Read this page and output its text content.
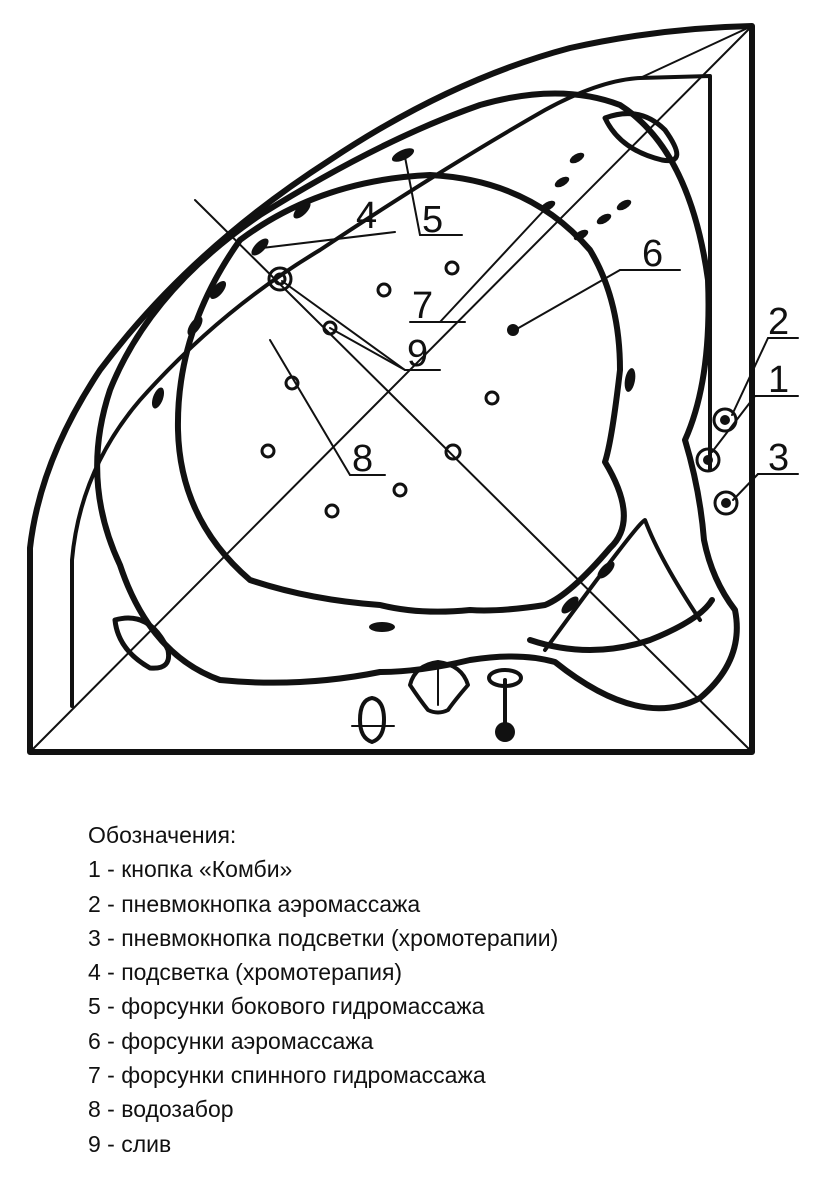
1
2
3
4 5
6
7
8
9
Обозначения:
1 - кнопка «Комби»
2 - пневмокнопка аэромассажа
3 - пневмокнопка подсветки (хромотерапии)
4 - подсветка (хромотерапия)
5 - форсунки бокового гидромассажа
6 - форсунки аэромассажа
7 - форсунки спинного гидромассажа
8 - водозабор
9 - слив
